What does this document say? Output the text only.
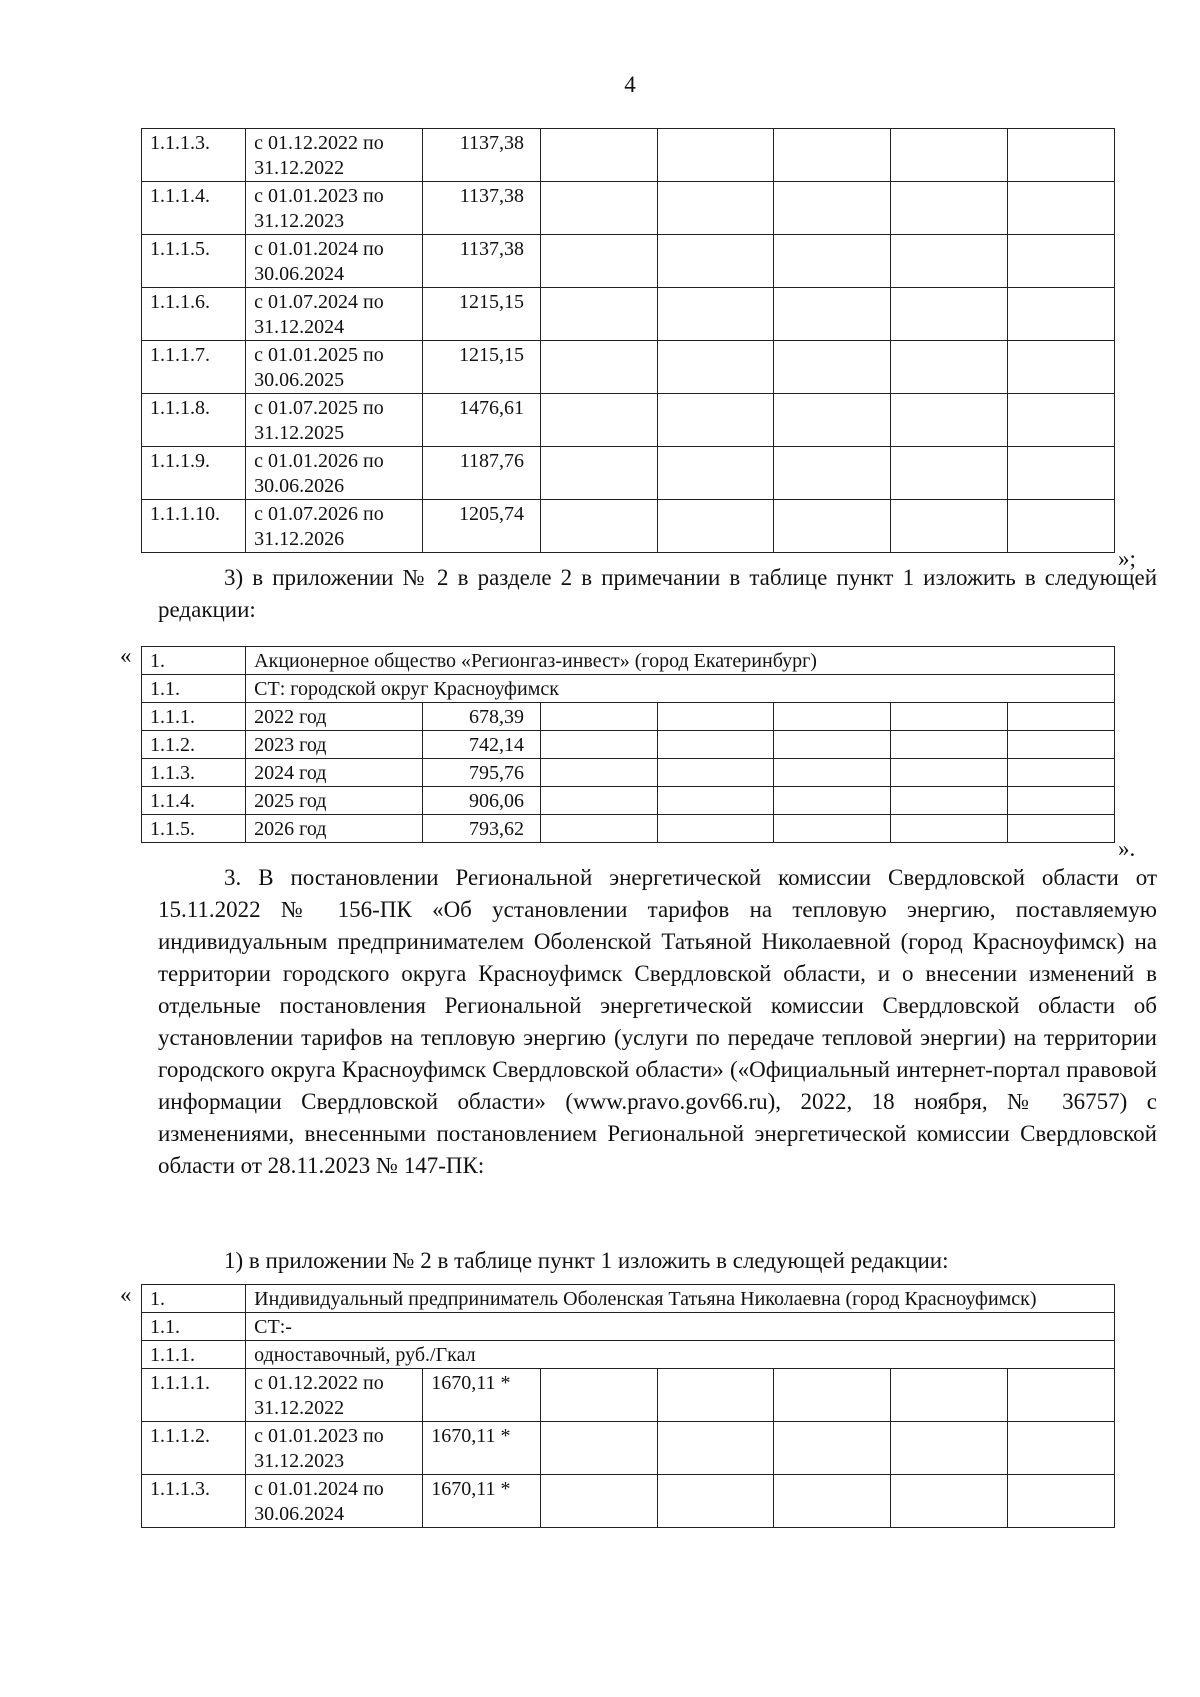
4
1.1.1.3.	с 01.12.2022 по 31.12.2022	1137,38					
1.1.1.4.	с 01.01.2023 по 31.12.2023	1137,38					
1.1.1.5.	с 01.01.2024 по 30.06.2024	1137,38					
1.1.1.6.	с 01.07.2024 по 31.12.2024	1215,15					
1.1.1.7.	с 01.01.2025 по 30.06.2025	1215,15					
1.1.1.8.	с 01.07.2025 по 31.12.2025	1476,61					
1.1.1.9.	с 01.01.2026 по 30.06.2026	1187,76					
1.1.1.10.	с 01.07.2026 по 31.12.2026	1205,74					
»;
3) в приложении № 2 в разделе 2 в примечании в таблице пункт 1 изложить в следующей редакции:
« 1.	Акционерное общество «Регионгаз-инвест» (город Екатеринбург)						
1.1.	СТ: городской округ Красноуфимск						
1.1.1.	2022 год	678,39					
1.1.2.	2023 год	742,14					
1.1.3.	2024 год	795,76					
1.1.4.	2025 год	906,06					
1.1.5.	2026 год	793,62					
».
3. В постановлении Региональной энергетической комиссии Свердловской области от 15.11.2022 № 156-ПК «Об установлении тарифов на тепловую энергию, поставляемую индивидуальным предпринимателем Оболенской Татьяной Николаевной (город Красноуфимск) на территории городского округа Красноуфимск Свердловской области, и о внесении изменений в отдельные постановления Региональной энергетической комиссии Свердловской области об установлении тарифов на тепловую энергию (услуги по передаче тепловой энергии) на территории городского округа Красноуфимск Свердловской области» («Официальный интернет-портал правовой информации Свердловской области» (www.pravo.gov66.ru), 2022, 18 ноября, № 36757) с изменениями, внесенными постановлением Региональной энергетической комиссии Свердловской области от 28.11.2023 № 147-ПК:
1) в приложении № 2 в таблице пункт 1 изложить в следующей редакции:
« 1.	Индивидуальный предприниматель Оболенская Татьяна Николаевна (город Красноуфимск)						
1.1.	СТ:-						
1.1.1.	одноставочный, руб./Гкал						
1.1.1.1.	с 01.12.2022 по 31.12.2022	1670,11 *					
1.1.1.2.	с 01.01.2023 по 31.12.2023	1670,11 *					
1.1.1.3.	с 01.01.2024 по 30.06.2024	1670,11 *					
